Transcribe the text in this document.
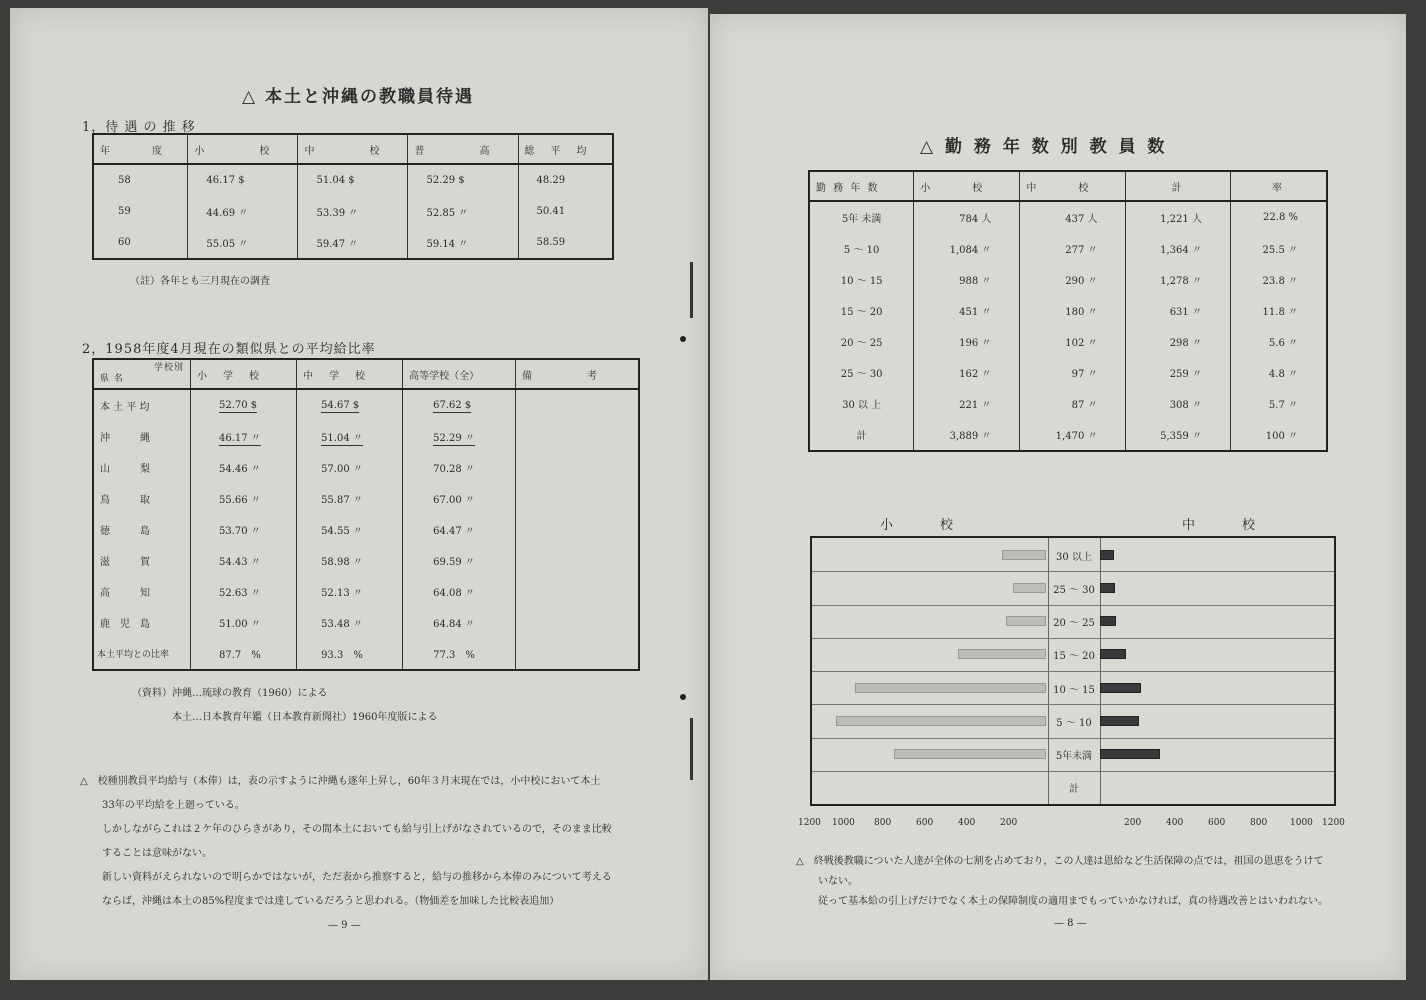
△ 本土と沖縄の教職員待遇
1，待 遇 の 推 移
年　　　度	小　　　　校	中　　　　校	普　　　　高	総　平　均
58	46.17 $	51.04 $	52.29 $	48.29
59	44.69 〃	53.39 〃	52.85 〃	50.41
60	55.05 〃	59.47 〃	59.14 〃	58.59
（註）各年とも三月現在の調査
2，1958年度4月現在の類似県との平均給比率
学校別
県 名	小　学　校	中　学　校	高等学校（全）	備　　　　考
本 土 平 均	52.70 $	54.67 $	67.62 $	
沖　　　縄	46.17 〃	51.04 〃	52.29 〃	
山　　　梨	54.46 〃	57.00 〃	70.28 〃	
鳥　　　取	55.66 〃	55.87 〃	67.00 〃	
徳　　　島	53.70 〃	54.55 〃	64.47 〃	
滋　　　賀	54.43 〃	58.98 〃	69.59 〃	
高　　　知	52.63 〃	52.13 〃	64.08 〃	
鹿　児　島	51.00 〃	53.48 〃	64.84 〃	
本土平均との比率	87.7　%	93.3　%	77.3　%	
（資料）沖縄…琉球の教育（1960）による
本土…日本教育年鑑（日本教育新聞社）1960年度版による
△　校種別教員平均給与（本俸）は，表の示すように沖縄も逐年上昇し，60年３月末現在では，小中校において本土
33年の平均給を上廻っている。
しかしながらこれは２ケ年のひらきがあり，その間本土においても給与引上げがなされているので，そのまま比較
することは意味がない。
新しい資料がえられないので明らかではないが，ただ表から推察すると，給与の推移から本俸のみについて考える
ならば，沖縄は本土の85%程度までは達しているだろうと思われる。（物価差を加味した比較表追加）
— 9 —
△ 勤 務 年 数 別 教 員 数
勤 務 年 数	小　　　校	中　　　校	計	率
5年 未満	784 人	437 人	1,221 人	22.8 %
5 ～ 10	1,084 〃	277 〃	1,364 〃	25.5 〃
10 ～ 15	988 〃	290 〃	1,278 〃	23.8 〃
15 ～ 20	451 〃	180 〃	631 〃	11.8 〃
20 ～ 25	196 〃	102 〃	298 〃	5.6 〃
25 ～ 30	162 〃	97 〃	259 〃	4.8 〃
30 以 上	221 〃	87 〃	308 〃	5.7 〃
計	3,889 〃	1,470 〃	5,359 〃	100 〃
小　　　校	中　　　校
30 以上
25 ～ 30
20 ～ 25
15 ～ 20
10 ～ 15
5 ～ 10
5年未満
計
1200 1000 800	600	400	200	200	400	600	800	1000 1200
△　終戦後教職についた人達が全体の七割を占めており，この人達は恩給など生活保障の点では，祖国の恩恵をうけて
いない。
従って基本給の引上げだけでなく本土の保障制度の適用までもっていかなければ，真の待遇改善とはいわれない。
— 8 —
